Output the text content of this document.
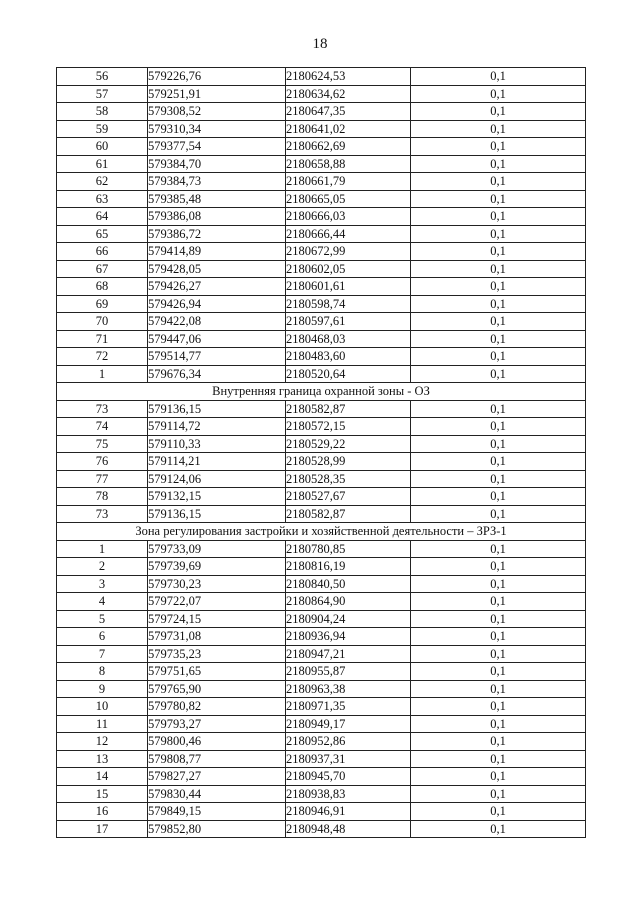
18
56	579226,76	2180624,53	0,1
57	579251,91	2180634,62	0,1
58	579308,52	2180647,35	0,1
59	579310,34	2180641,02	0,1
60	579377,54	2180662,69	0,1
61	579384,70	2180658,88	0,1
62	579384,73	2180661,79	0,1
63	579385,48	2180665,05	0,1
64	579386,08	2180666,03	0,1
65	579386,72	2180666,44	0,1
66	579414,89	2180672,99	0,1
67	579428,05	2180602,05	0,1
68	579426,27	2180601,61	0,1
69	579426,94	2180598,74	0,1
70	579422,08	2180597,61	0,1
71	579447,06	2180468,03	0,1
72	579514,77	2180483,60	0,1
1	579676,34	2180520,64	0,1
Внутренняя граница охранной зоны - ОЗ			
73	579136,15	2180582,87	0,1
74	579114,72	2180572,15	0,1
75	579110,33	2180529,22	0,1
76	579114,21	2180528,99	0,1
77	579124,06	2180528,35	0,1
78	579132,15	2180527,67	0,1
73	579136,15	2180582,87	0,1
Зона регулирования застройки и хозяйственной деятельности – ЗРЗ-1			
1	579733,09	2180780,85	0,1
2	579739,69	2180816,19	0,1
3	579730,23	2180840,50	0,1
4	579722,07	2180864,90	0,1
5	579724,15	2180904,24	0,1
6	579731,08	2180936,94	0,1
7	579735,23	2180947,21	0,1
8	579751,65	2180955,87	0,1
9	579765,90	2180963,38	0,1
10	579780,82	2180971,35	0,1
11	579793,27	2180949,17	0,1
12	579800,46	2180952,86	0,1
13	579808,77	2180937,31	0,1
14	579827,27	2180945,70	0,1
15	579830,44	2180938,83	0,1
16	579849,15	2180946,91	0,1
17	579852,80	2180948,48	0,1
